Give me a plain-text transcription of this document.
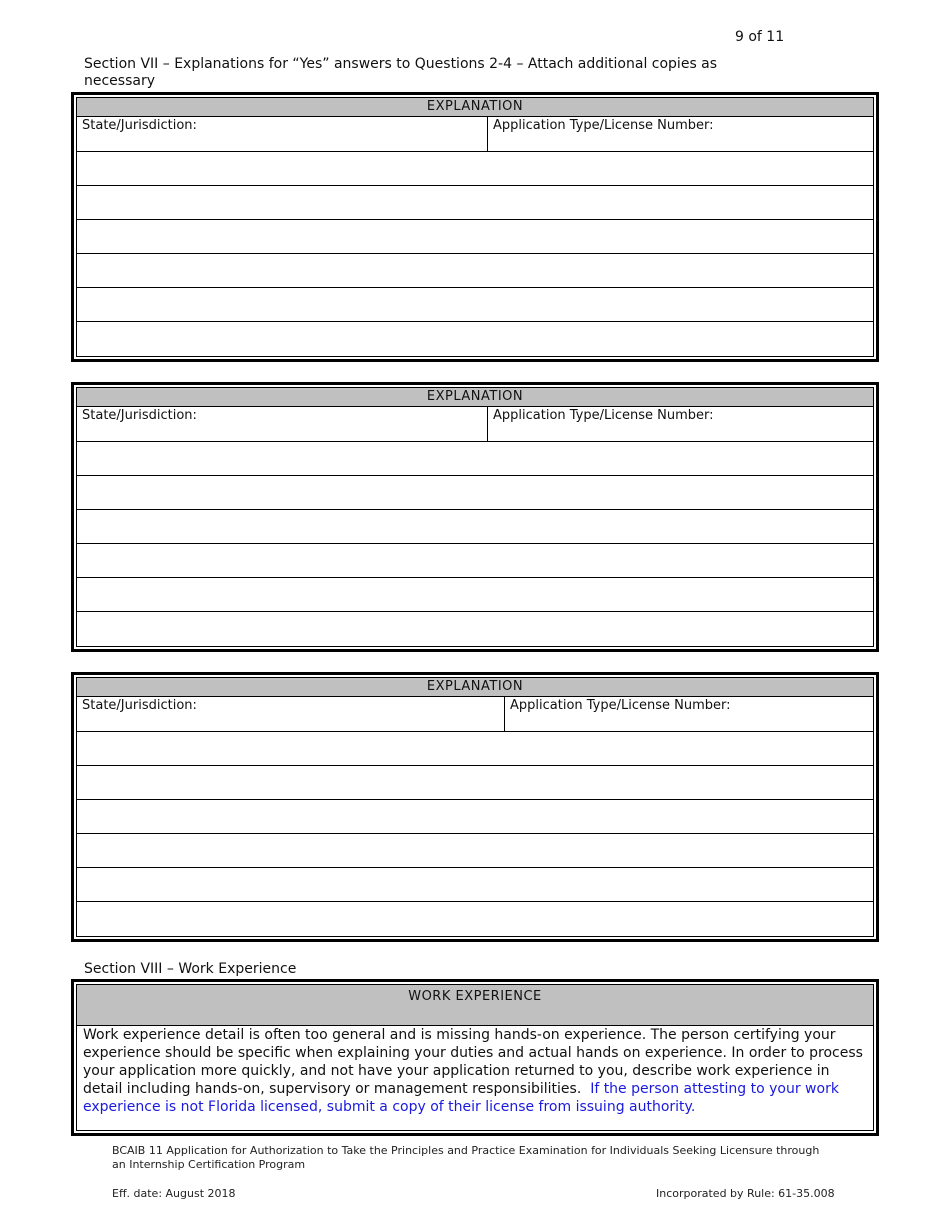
9 of 11
Section VII – Explanations for “Yes” answers to Questions 2-4 – Attach additional copies as necessary
EXPLANATION
State/Jurisdiction:	Application Type/License Number:
EXPLANATION
State/Jurisdiction:	Application Type/License Number:
EXPLANATION
State/Jurisdiction:	Application Type/License Number:
Section VIII – Work Experience
WORK EXPERIENCE
Work experience detail is often too general and is missing hands-on experience. The person certifying your experience should be specific when explaining your duties and actual hands on experience. In order to process your application more quickly, and not have your application returned to you, describe work experience in detail including hands-on, supervisory or management responsibilities. If the person attesting to your work experience is not Florida licensed, submit a copy of their license from issuing authority.
BCAIB 11 Application for Authorization to Take the Principles and Practice Examination for Individuals Seeking Licensure through an Internship Certification Program
Eff. date: August 2018	Incorporated by Rule: 61-35.008
